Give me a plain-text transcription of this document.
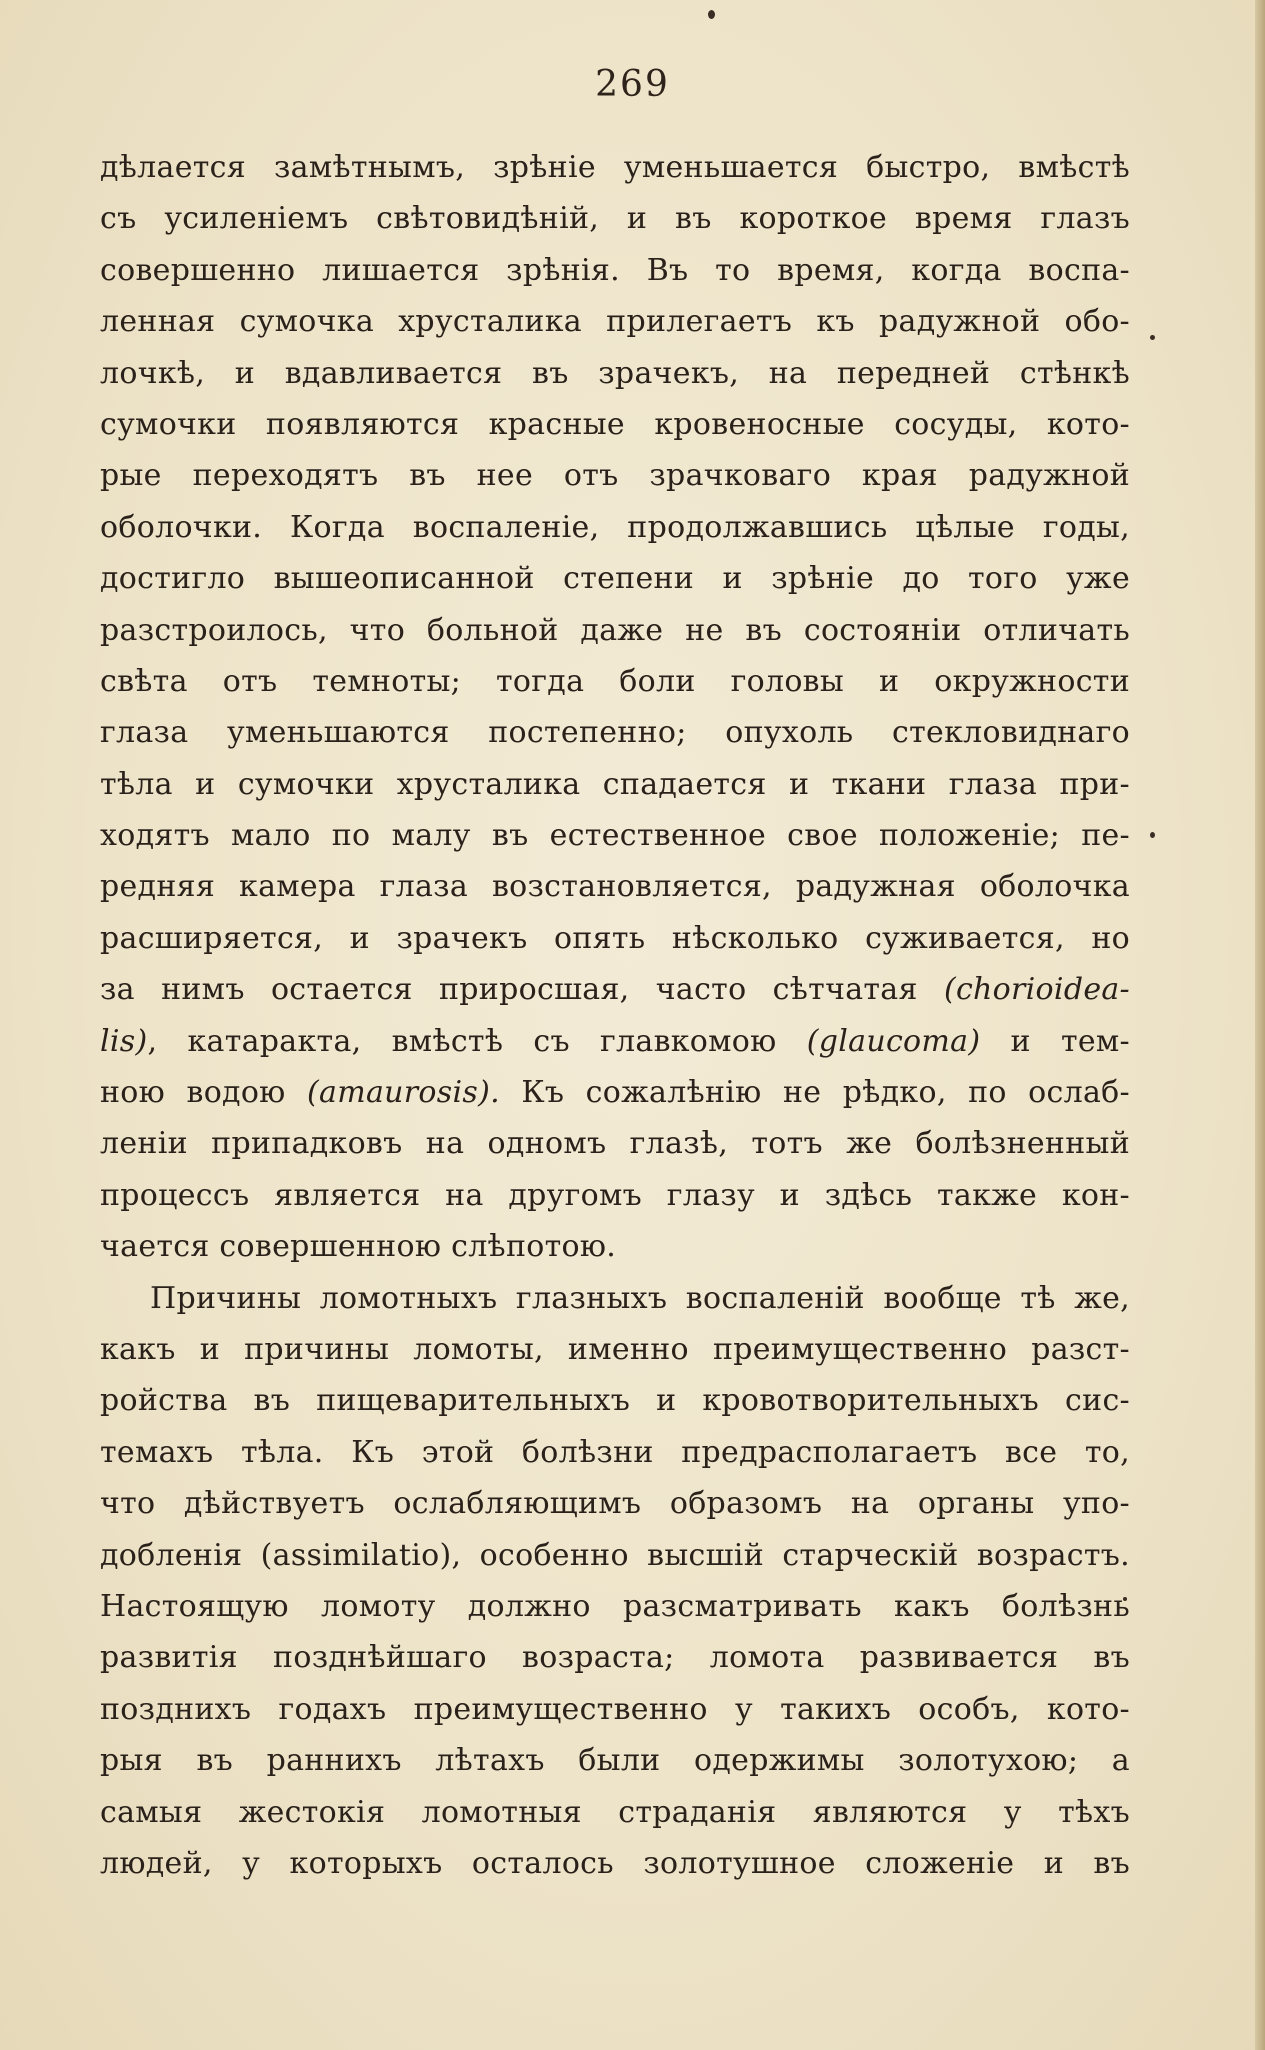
269
дѣлается замѣтнымъ, зрѣніе уменьшается быстро, вмѣстѣ
съ усиленіемъ свѣтовидѣній, и въ короткое время глазъ
совершенно лишается зрѣнія. Въ то время, когда воспа-
ленная сумочка хрусталика прилегаетъ къ радужной обо-
лочкѣ, и вдавливается въ зрачекъ, на передней стѣнкѣ
сумочки появляются красные кровеносные сосуды, кото-
рые переходятъ въ нее отъ зрачковаго края радужной
оболочки. Когда воспаленіе, продолжавшись цѣлые годы,
достигло вышеописанной степени и зрѣніе до того уже
разстроилось, что больной даже не въ состояніи отличать
свѣта отъ темноты; тогда боли головы и окружности
глаза уменьшаются постепенно; опухоль стекловиднаго
тѣла и сумочки хрусталика спадается и ткани глаза при-
ходятъ мало по малу въ естественное свое положеніе; пе-
редняя камера глаза возстановляется, радужная оболочка
расширяется, и зрачекъ опять нѣсколько суживается, но
за нимъ остается приросшая, часто сѣтчатая (chorioidea-
lis), катаракта, вмѣстѣ съ главкомою (glaucoma) и тем-
ною водою (amaurosis). Къ сожалѣнію не рѣдко, по ослаб-
леніи припадковъ на одномъ глазѣ, тотъ же болѣзненный
процессъ является на другомъ глазу и здѣсь также кон-
чается совершенною слѣпотою.
Причины ломотныхъ глазныхъ воспаленій вообще тѣ же,
какъ и причины ломоты, именно преимущественно разст-
ройства въ пищеварительныхъ и кровотворительныхъ сис-
темахъ тѣла. Къ этой болѣзни предрасполагаетъ все то,
что дѣйствуетъ ослабляющимъ образомъ на органы упо-
добленія (assimilatio), особенно высшій старческій возрастъ.
Настоящую ломоту должно разсматривать какъ болѣзнь
развитія позднѣйшаго возраста; ломота развивается въ
позднихъ годахъ преимущественно у такихъ особъ, кото-
рыя въ раннихъ лѣтахъ были одержимы золотухою; а
самыя жестокія ломотныя страданія являются у тѣхъ
людей, у которыхъ осталось золотушное сложеніе и въ
